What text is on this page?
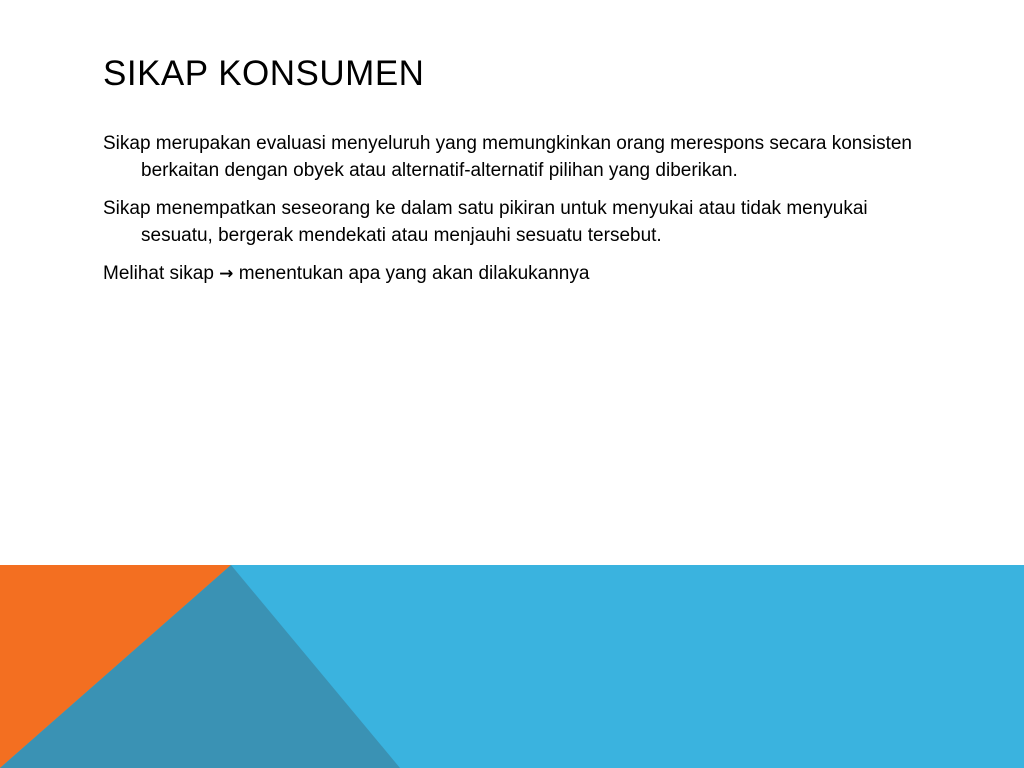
SIKAP KONSUMEN

Sikap merupakan evaluasi menyeluruh yang memungkinkan orang merespons secara konsisten berkaitan dengan obyek atau alternatif-alternatif pilihan yang diberikan.

Sikap menempatkan seseorang ke dalam satu pikiran untuk menyukai atau tidak menyukai sesuatu, bergerak mendekati atau menjauhi sesuatu tersebut.

Melihat sikap → menentukan apa yang akan dilakukannya
